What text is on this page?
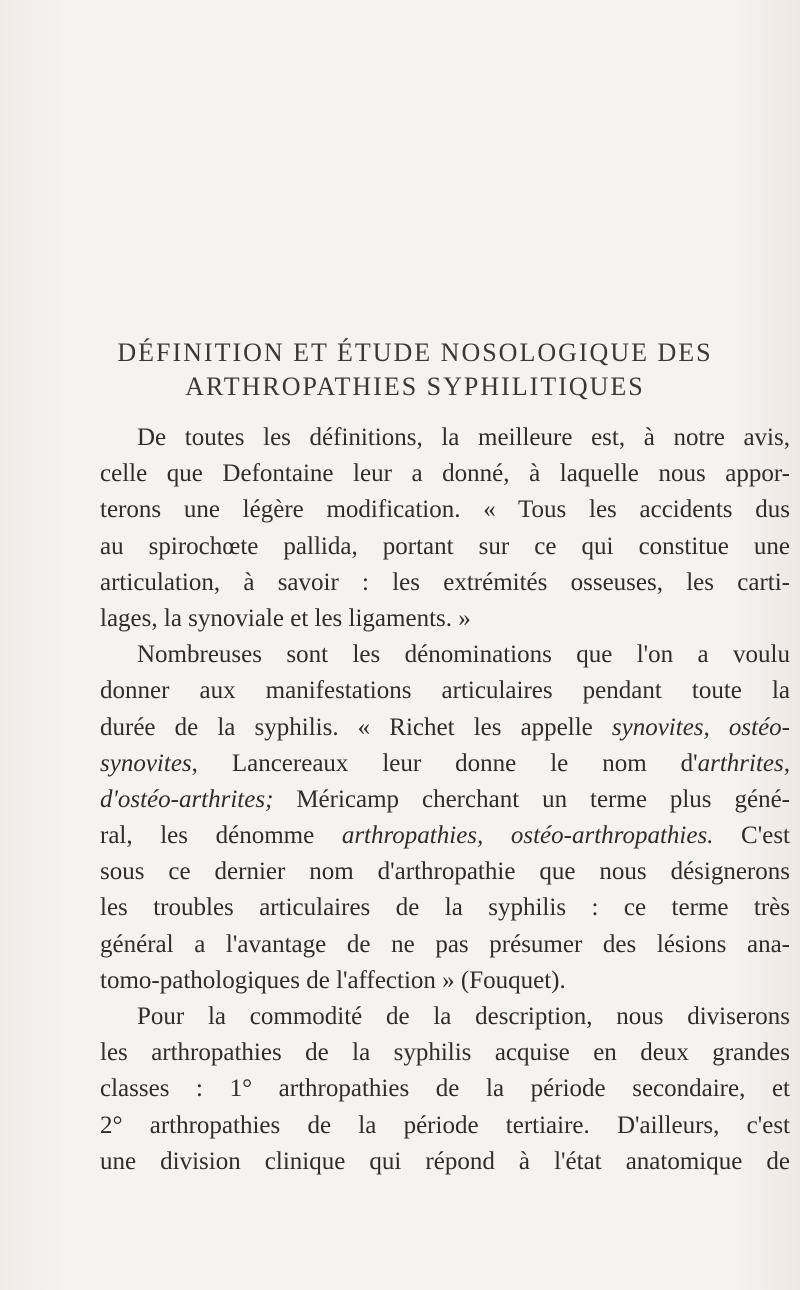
DÉFINITION ET ÉTUDE NOSOLOGIQUE DES
ARTHROPATHIES SYPHILITIQUES
De toutes les définitions, la meilleure est, à notre avis,
celle que Defontaine leur a donné, à laquelle nous appor-
terons une légère modification. « Tous les accidents dus
au spirochœte pallida, portant sur ce qui constitue une
articulation, à savoir : les extrémités osseuses, les carti-
lages, la synoviale et les ligaments. »
Nombreuses sont les dénominations que l'on a voulu
donner aux manifestations articulaires pendant toute la
durée de la syphilis. « Richet les appelle synovites, ostéo-
synovites, Lancereaux leur donne le nom d'arthrites,
d'ostéo-arthrites; Méricamp cherchant un terme plus géné-
ral, les dénomme arthropathies, ostéo-arthropathies. C'est
sous ce dernier nom d'arthropathie que nous désignerons
les troubles articulaires de la syphilis : ce terme très
général a l'avantage de ne pas présumer des lésions ana-
tomo-pathologiques de l'affection » (Fouquet).
Pour la commodité de la description, nous diviserons
les arthropathies de la syphilis acquise en deux grandes
classes : 1° arthropathies de la période secondaire, et
2° arthropathies de la période tertiaire. D'ailleurs, c'est
une division clinique qui répond à l'état anatomique de
